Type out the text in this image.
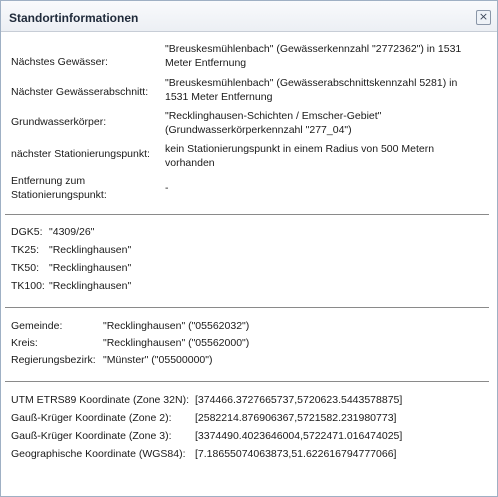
Standortinformationen	×
Nächstes Gewässer:
"Breuskesmühlenbach" (Gewässerkennzahl "2772362") in 1531
Meter Entfernung
Nächster Gewässerabschnitt:
"Breuskesmühlenbach" (Gewässerabschnittskennzahl 5281) in
1531 Meter Entfernung
Grundwasserkörper:	"Recklinghausen-Schichten / Emscher-Gebiet"
(Grundwasserkörperkennzahl "277_04")
nächster Stationierungspunkt: kein Stationierungspunkt in einem Radius von 500 Metern
vorhanden
Entfernung zum
Stationierungspunkt:
-
DGK5: "4309/26"
TK25: "Recklinghausen"
TK50: "Recklinghausen"
TK100: "Recklinghausen"
Gemeinde:	"Recklinghausen" ("05562032")
Kreis:	"Recklinghausen" ("05562000")
Regierungsbezirk: "Münster" ("05500000")
UTM ETRS89 Koordinate (Zone 32N): [374466.3727665737,5720623.5443578875]
Gauß-Krüger Koordinate (Zone 2): [2582214.876906367,5721582.231980773]
Gauß-Krüger Koordinate (Zone 3): [3374490.4023646004,5722471.016474025]
Geographische Koordinate (WGS84): [7.18655074063873,51.622616794777066]
